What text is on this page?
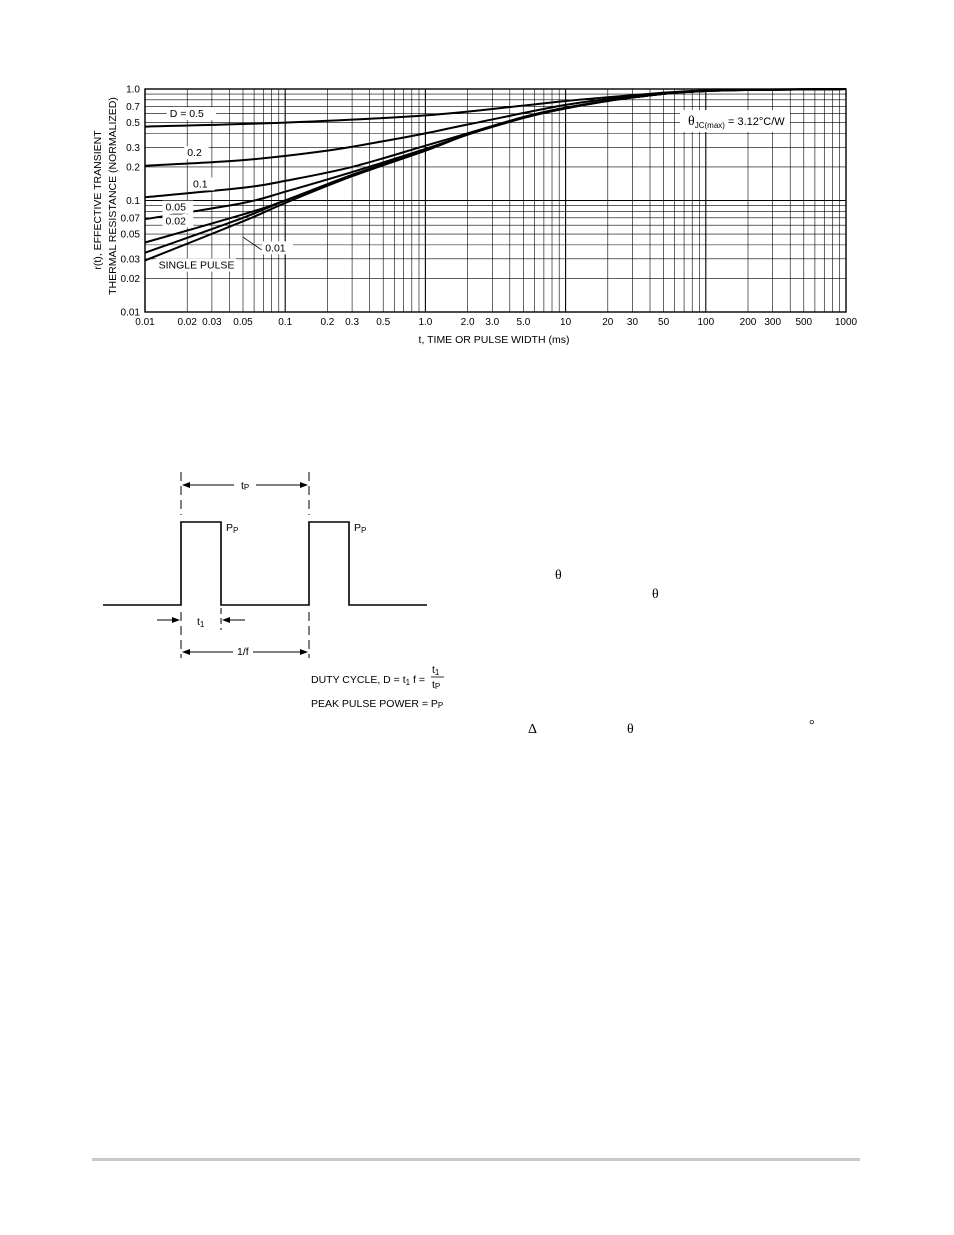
D = 0.5
0.2
0.1
0.05
0.02
0.01
SINGLE PULSE
0.01 0.02 0.03 0.05	0.1	0.2 0.3 0.5	1.0	2.0 3.0 5.0	10	20 30 50	100	200 300 500 1000
1.0
0.7
0.5
0.3
0.2
0.1
0.07
0.05
0.03
0.02
0.01
$\theta_{JC(max)} = 3.12^\circ C/W$
t, TIME OR PULSE WIDTH (ms)
r(t), EFFECTIVE TRANSIENT THERMAL RESISTANCE (NORMALIZED)
tP
PP	PP
t1
1/f
DUTY CYCLE, D = t1 f =
t1
tP
PEAK PULSE POWER = PP
θ
θ
Δ	θ	°
